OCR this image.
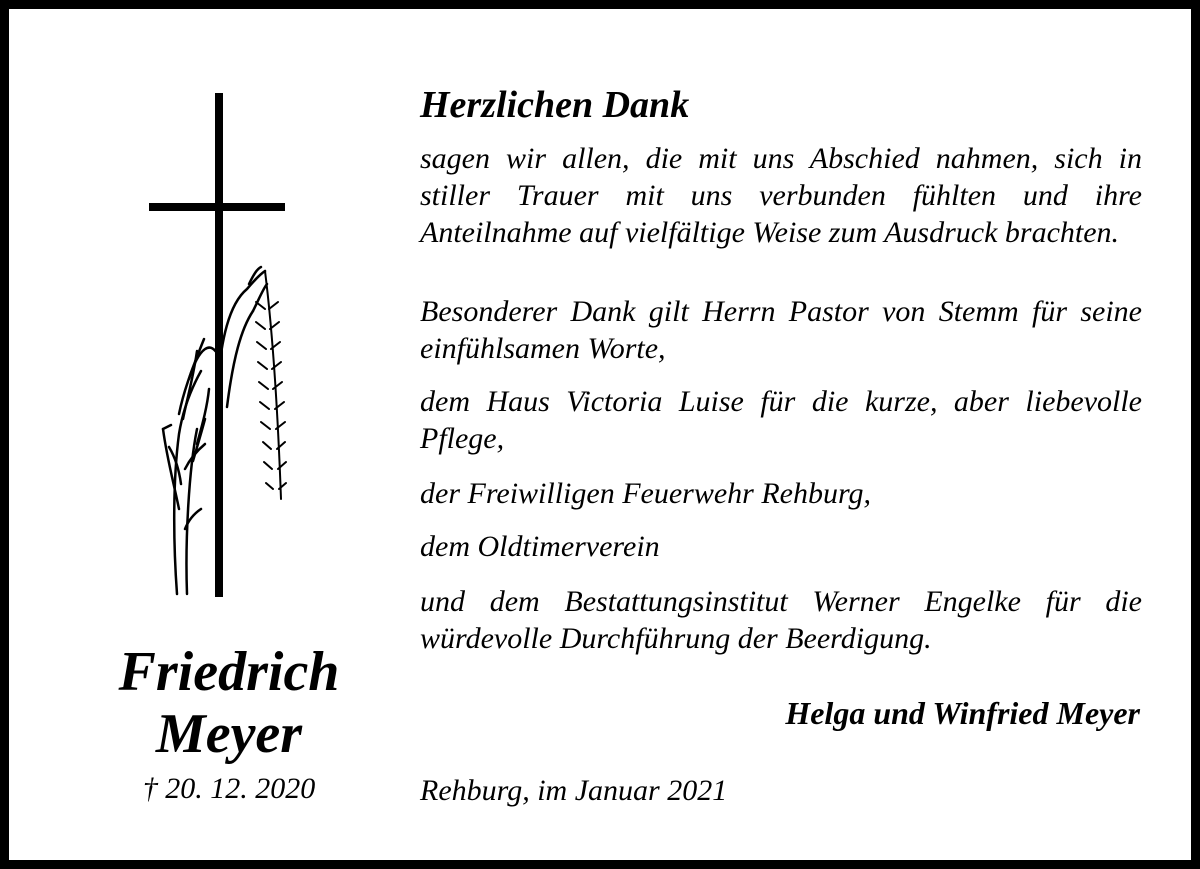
Friedrich
Meyer
† 20. 12. 2020
Herzlichen Dank
sagen wir allen, die mit uns Abschied nahmen, sich in stiller Trauer mit uns verbunden fühlten und ihre Anteilnahme auf vielfältige Weise zum Ausdruck brachten.
Besonderer Dank gilt Herrn Pastor von Stemm für seine einfühlsamen Worte,
dem Haus Victoria Luise für die kurze, aber liebevolle Pflege,
der Freiwilligen Feuerwehr Rehburg,
dem Oldtimerverein
und dem Bestattungsinstitut Werner Engelke für die würdevolle Durchführung der Beerdigung.
Helga und Winfried Meyer
Rehburg, im Januar 2021
